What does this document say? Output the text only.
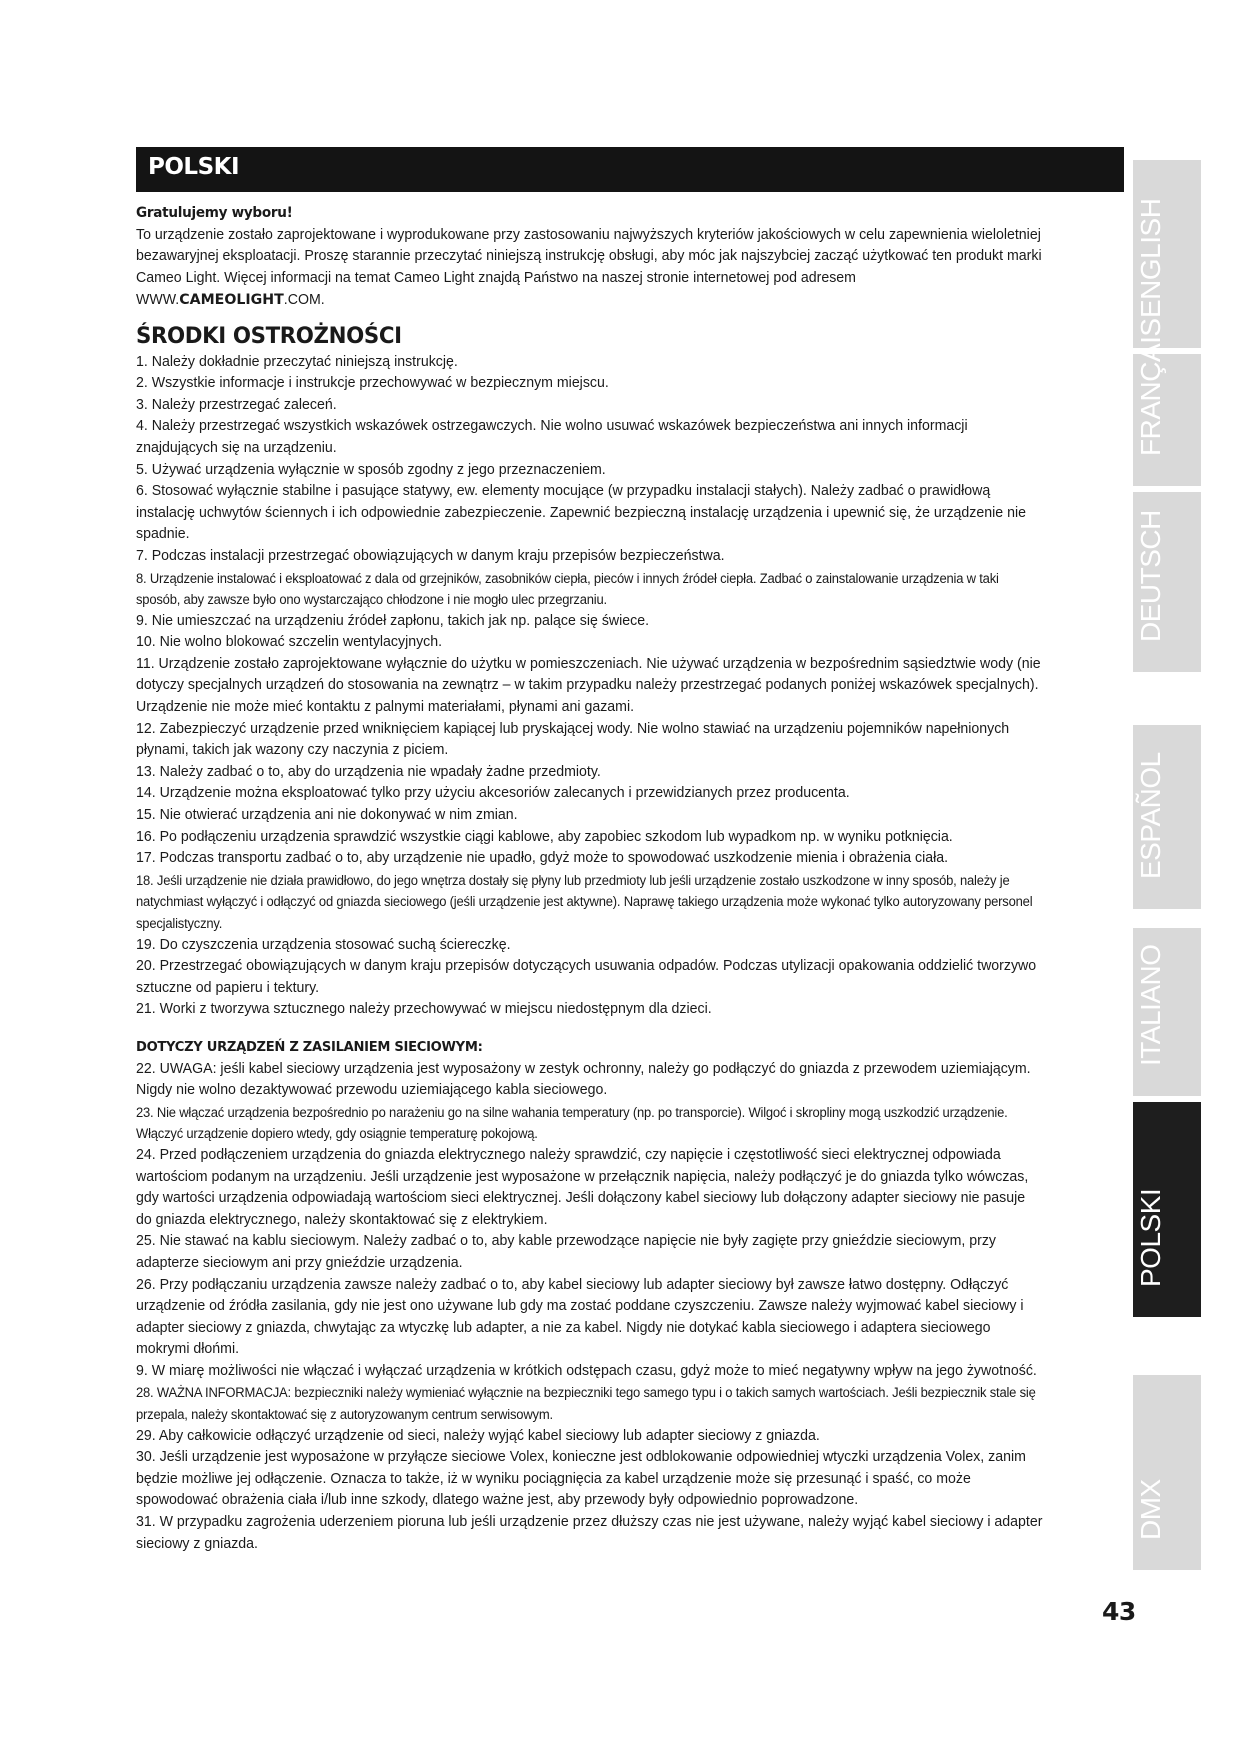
POLSKI
Gratulujemy wyboru!

To urządzenie zostało zaprojektowane i wyprodukowane przy zastosowaniu najwyższych kryteriów jakościowych w celu zapewnienia wieloletniej bezawaryjnej eksploatacji. Proszę starannie przeczytać niniejszą instrukcję obsługi, aby móc jak najszybciej zacząć użytkować ten produkt marki Cameo Light. Więcej informacji na temat Cameo Light znajdą Państwo na naszej stronie internetowej pod adresem WWW.CAMEOLIGHT.COM.

ŚRODKI OSTROŻNOŚCI

1. Należy dokładnie przeczytać niniejszą instrukcję.

2. Wszystkie informacje i instrukcje przechowywać w bezpiecznym miejscu.

3. Należy przestrzegać zaleceń.

4. Należy przestrzegać wszystkich wskazówek ostrzegawczych. Nie wolno usuwać wskazówek bezpieczeństwa ani innych informacji znajdujących się na urządzeniu.

5. Używać urządzenia wyłącznie w sposób zgodny z jego przeznaczeniem.

6. Stosować wyłącznie stabilne i pasujące statywy, ew. elementy mocujące (w przypadku instalacji stałych). Należy zadbać o prawidłową instalację uchwytów ściennych i ich odpowiednie zabezpieczenie. Zapewnić bezpieczną instalację urządzenia i upewnić się, że urządzenie nie spadnie.

7. Podczas instalacji przestrzegać obowiązujących w danym kraju przepisów bezpieczeństwa.

8. Urządzenie instalować i eksploatować z dala od grzejników, zasobników ciepła, pieców i innych źródeł ciepła. Zadbać o zainstalowanie urządzenia w taki sposób, aby zawsze było ono wystarczająco chłodzone i nie mogło ulec przegrzaniu.

9. Nie umieszczać na urządzeniu źródeł zapłonu, takich jak np. palące się świece.

10. Nie wolno blokować szczelin wentylacyjnych.

11. Urządzenie zostało zaprojektowane wyłącznie do użytku w pomieszczeniach. Nie używać urządzenia w bezpośrednim sąsiedztwie wody (nie dotyczy specjalnych urządzeń do stosowania na zewnątrz – w takim przypadku należy przestrzegać podanych poniżej wskazówek specjalnych). Urządzenie nie może mieć kontaktu z palnymi materiałami, płynami ani gazami.

12. Zabezpieczyć urządzenie przed wniknięciem kapiącej lub pryskającej wody. Nie wolno stawiać na urządzeniu pojemników napełnionych płynami, takich jak wazony czy naczynia z piciem.

13. Należy zadbać o to, aby do urządzenia nie wpadały żadne przedmioty.

14. Urządzenie można eksploatować tylko przy użyciu akcesoriów zalecanych i przewidzianych przez producenta.

15. Nie otwierać urządzenia ani nie dokonywać w nim zmian.

16. Po podłączeniu urządzenia sprawdzić wszystkie ciągi kablowe, aby zapobiec szkodom lub wypadkom np. w wyniku potknięcia.

17. Podczas transportu zadbać o to, aby urządzenie nie upadło, gdyż może to spowodować uszkodzenie mienia i obrażenia ciała.

18. Jeśli urządzenie nie działa prawidłowo, do jego wnętrza dostały się płyny lub przedmioty lub jeśli urządzenie zostało uszkodzone w inny sposób, należy je natychmiast wyłączyć i odłączyć od gniazda sieciowego (jeśli urządzenie jest aktywne). Naprawę takiego urządzenia może wykonać tylko autoryzowany personel specjalistyczny.

19. Do czyszczenia urządzenia stosować suchą ściereczkę.

20. Przestrzegać obowiązujących w danym kraju przepisów dotyczących usuwania odpadów. Podczas utylizacji opakowania oddzielić tworzywo sztuczne od papieru i tektury.

21. Worki z tworzywa sztucznego należy przechowywać w miejscu niedostępnym dla dzieci.

DOTYCZY URZĄDZEŃ Z ZASILANIEM SIECIOWYM:

22. UWAGA: jeśli kabel sieciowy urządzenia jest wyposażony w zestyk ochronny, należy go podłączyć do gniazda z przewodem uziemiającym. Nigdy nie wolno dezaktywować przewodu uziemiającego kabla sieciowego.

23. Nie włączać urządzenia bezpośrednio po narażeniu go na silne wahania temperatury (np. po transporcie). Wilgoć i skropliny mogą uszkodzić urządzenie. Włączyć urządzenie dopiero wtedy, gdy osiągnie temperaturę pokojową.

24. Przed podłączeniem urządzenia do gniazda elektrycznego należy sprawdzić, czy napięcie i częstotliwość sieci elektrycznej odpowiada wartościom podanym na urządzeniu. Jeśli urządzenie jest wyposażone w przełącznik napięcia, należy podłączyć je do gniazda tylko wówczas, gdy wartości urządzenia odpowiadają wartościom sieci elektrycznej. Jeśli dołączony kabel sieciowy lub dołączony adapter sieciowy nie pasuje do gniazda elektrycznego, należy skontaktować się z elektrykiem.

25. Nie stawać na kablu sieciowym. Należy zadbać o to, aby kable przewodzące napięcie nie były zagięte przy gnieździe sieciowym, przy adapterze sieciowym ani przy gnieździe urządzenia.

26. Przy podłączaniu urządzenia zawsze należy zadbać o to, aby kabel sieciowy lub adapter sieciowy był zawsze łatwo dostępny. Odłączyć urządzenie od źródła zasilania, gdy nie jest ono używane lub gdy ma zostać poddane czyszczeniu. Zawsze należy wyjmować kabel sieciowy i adapter sieciowy z gniazda, chwytając za wtyczkę lub adapter, a nie za kabel. Nigdy nie dotykać kabla sieciowego i adaptera sieciowego mokrymi dłońmi.

9. W miarę możliwości nie włączać i wyłączać urządzenia w krótkich odstępach czasu, gdyż może to mieć negatywny wpływ na jego żywotność.

28. WAŻNA INFORMACJA: bezpieczniki należy wymieniać wyłącznie na bezpieczniki tego samego typu i o takich samych wartościach. Jeśli bezpiecznik stale się przepala, należy skontaktować się z autoryzowanym centrum serwisowym.

29. Aby całkowicie odłączyć urządzenie od sieci, należy wyjąć kabel sieciowy lub adapter sieciowy z gniazda.

30. Jeśli urządzenie jest wyposażone w przyłącze sieciowe Volex, konieczne jest odblokowanie odpowiedniej wtyczki urządzenia Volex, zanim będzie możliwe jej odłączenie. Oznacza to także, iż w wyniku pociągnięcia za kabel urządzenie może się przesunąć i spaść, co może spowodować obrażenia ciała i/lub inne szkody, dlatego ważne jest, aby przewody były odpowiednio poprowadzone.

31. W przypadku zagrożenia uderzeniem pioruna lub jeśli urządzenie przez dłuższy czas nie jest używane, należy wyjąć kabel sieciowy i adapter sieciowy z gniazda.

ENGLISH
FRANÇAIS
DEUTSCH
ESPAÑOL
ITALIANO
POLSKI
DMX
43
